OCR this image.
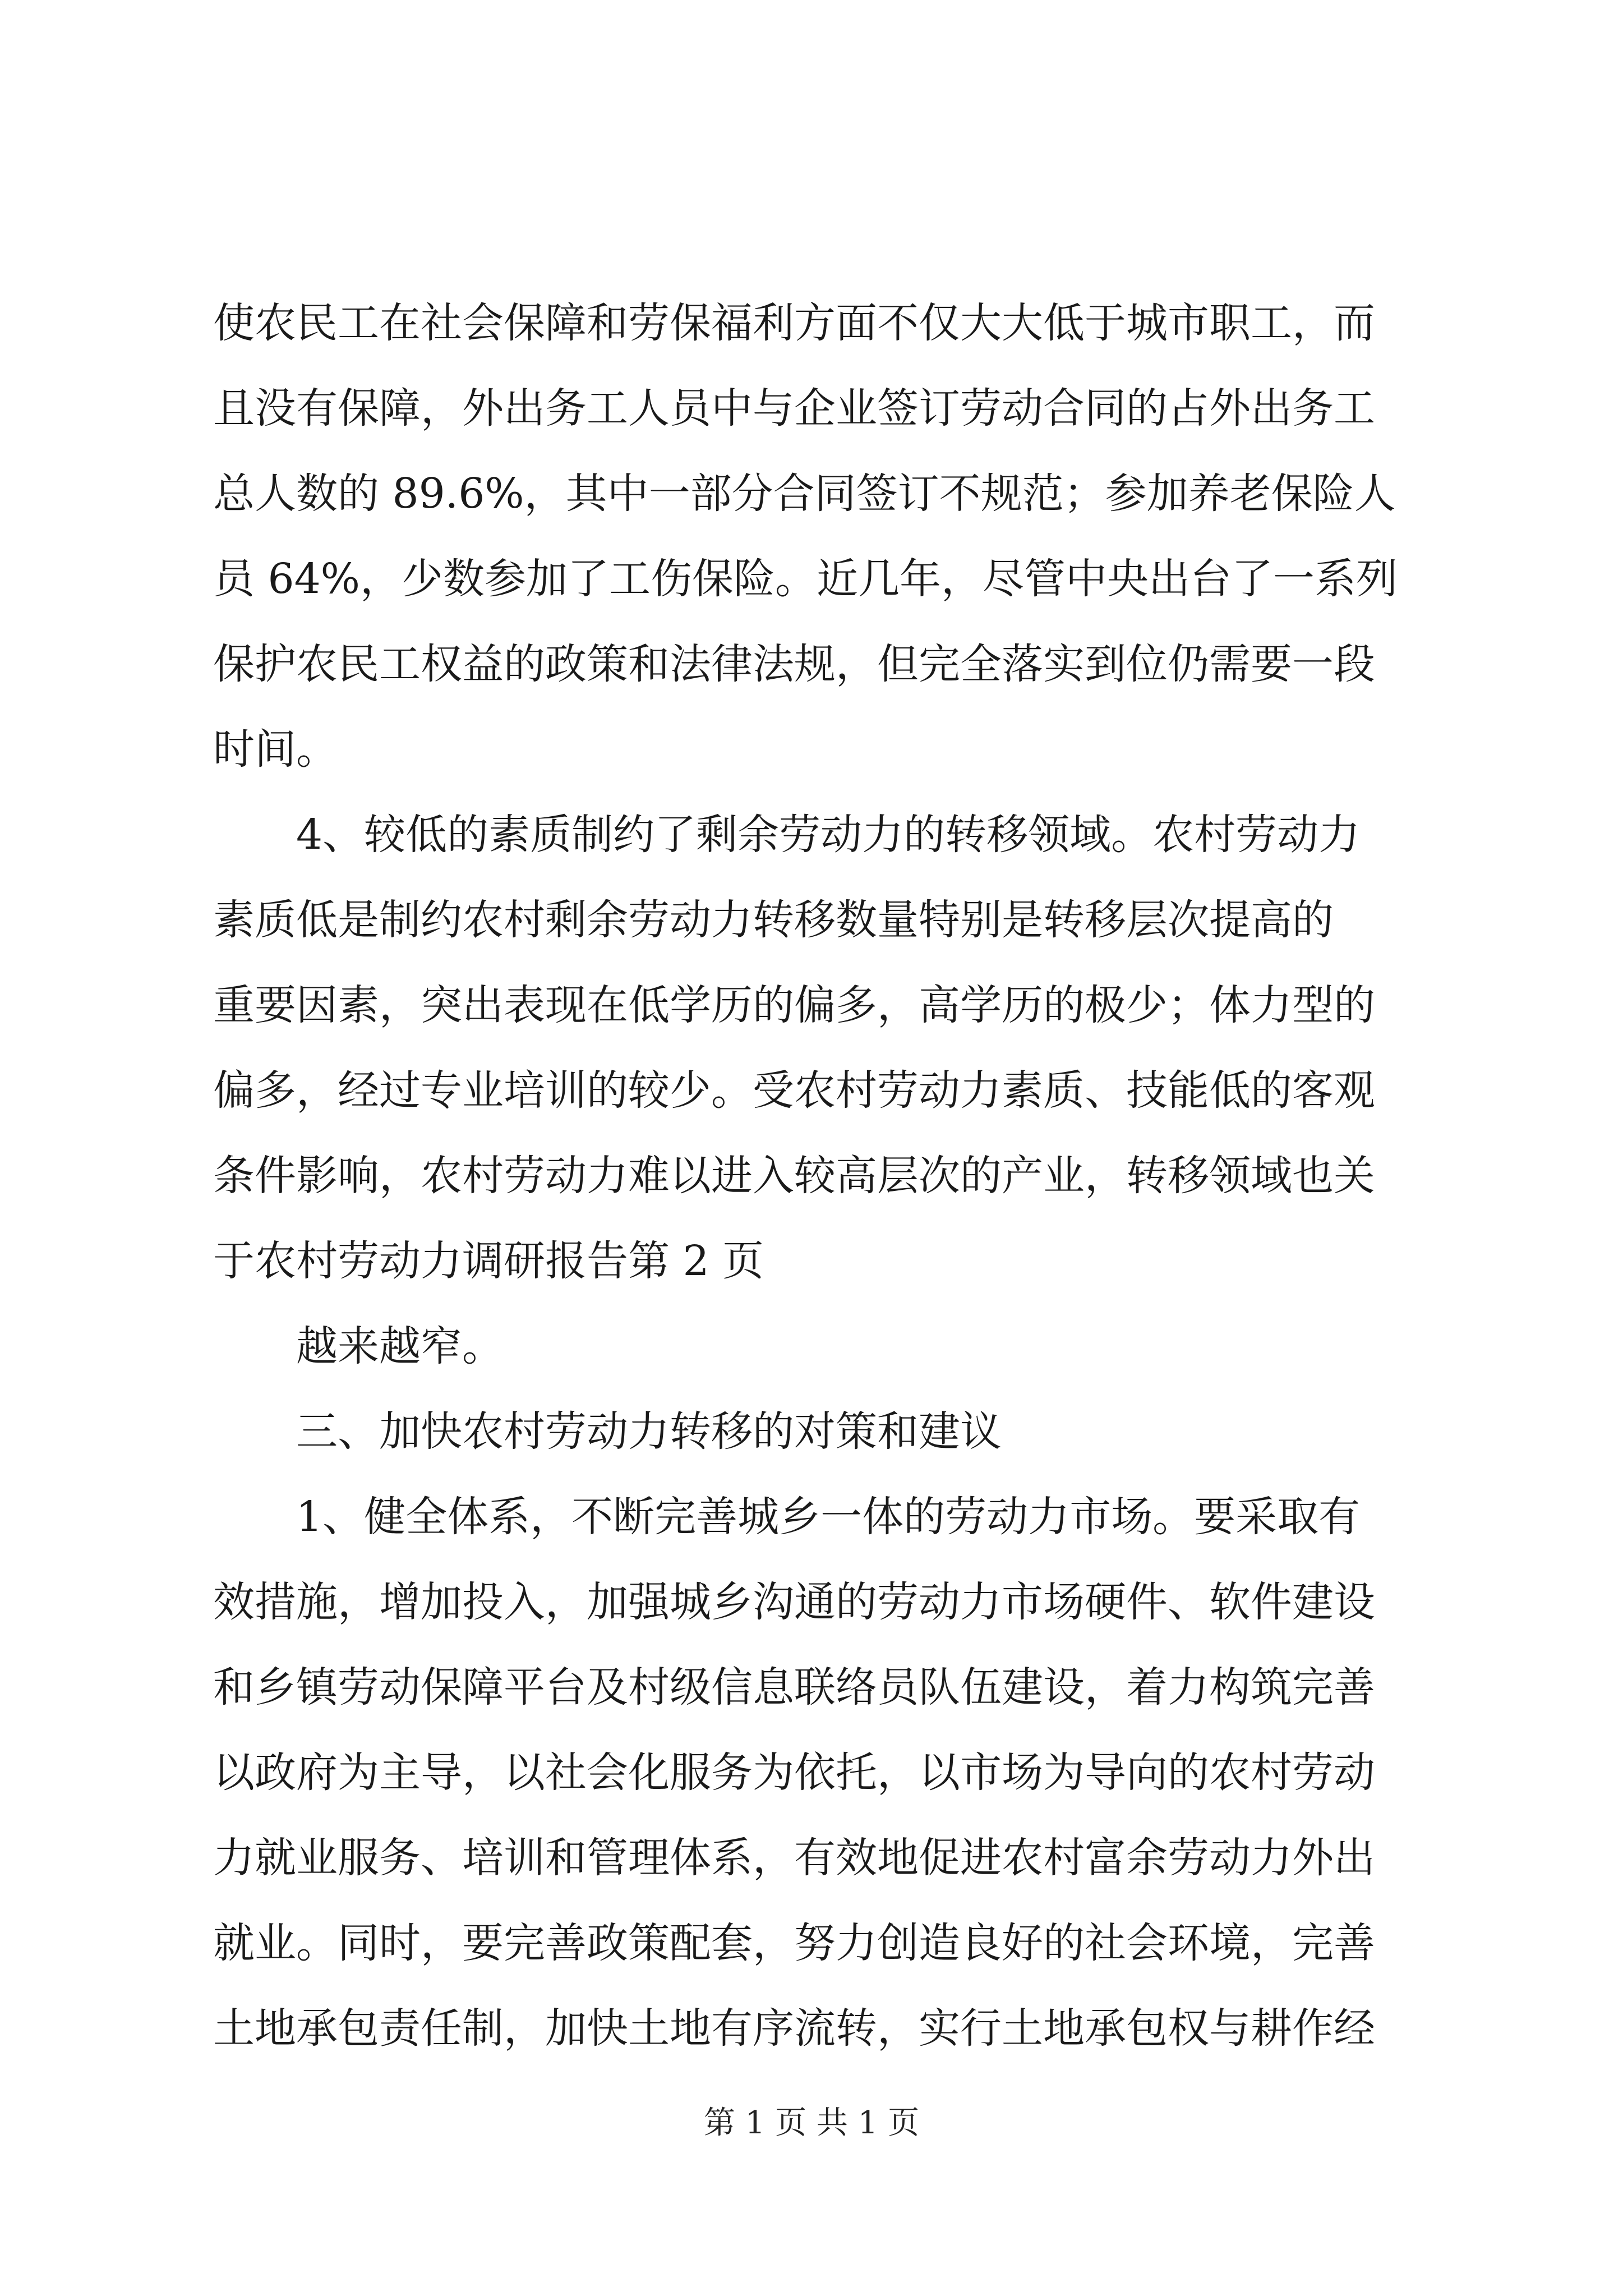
使农民工在社会保障和劳保福利方面不仅大大低于城市职工，而
且没有保障，外出务工人员中与企业签订劳动合同的占外出务工
总人数的 89.6%，其中一部分合同签订不规范；参加养老保险人
员 64%，少数参加了工伤保险。近几年，尽管中央出台了一系列
保护农民工权益的政策和法律法规，但完全落实到位仍需要一段
时间。
4、较低的素质制约了剩余劳动力的转移领域。农村劳动力
素质低是制约农村剩余劳动力转移数量特别是转移层次提高的
重要因素，突出表现在低学历的偏多，高学历的极少；体力型的
偏多，经过专业培训的较少。受农村劳动力素质、技能低的客观
条件影响，农村劳动力难以进入较高层次的产业，转移领域也关
于农村劳动力调研报告第 2 页
越来越窄。
三、加快农村劳动力转移的对策和建议
1、健全体系，不断完善城乡一体的劳动力市场。要采取有
效措施，增加投入，加强城乡沟通的劳动力市场硬件、软件建设
和乡镇劳动保障平台及村级信息联络员队伍建设，着力构筑完善
以政府为主导，以社会化服务为依托，以市场为导向的农村劳动
力就业服务、培训和管理体系，有效地促进农村富余劳动力外出
就业。同时，要完善政策配套，努力创造良好的社会环境，完善
土地承包责任制，加快土地有序流转，实行土地承包权与耕作经
第 1 页 共 1 页
